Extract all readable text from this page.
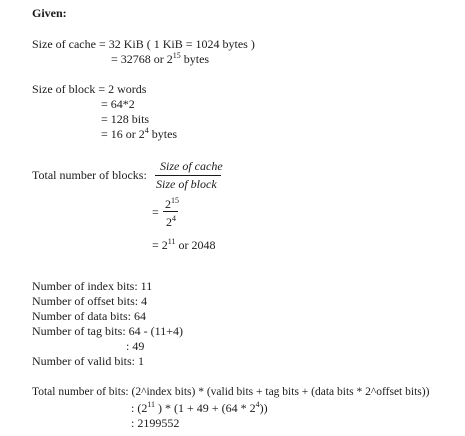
Given:
Size of cache = 32 KiB ( 1 KiB = 1024 bytes )
= 32768 or $2^{15}$ bytes
Size of block = 2 words
= 64*2
= 128 bits
= 16 or $2^4$ bytes
Total number of blocks:
Size of cache
Size of block
=
$2^{15}$
$2^4$
= $2^{11}$ or 2048
Number of index bits: 11
Number of offset bits: 4
Number of data bits: 64
Number of tag bits: 64 - (11+4)
: 49
Number of valid bits: 1
Total number of bits: (2^index bits) * (valid bits + tag bits + (data bits * 2^offset bits))
: ($2^{11}$ ) * $(1 + 49 + (64 * 2^4))$
: 2199552
